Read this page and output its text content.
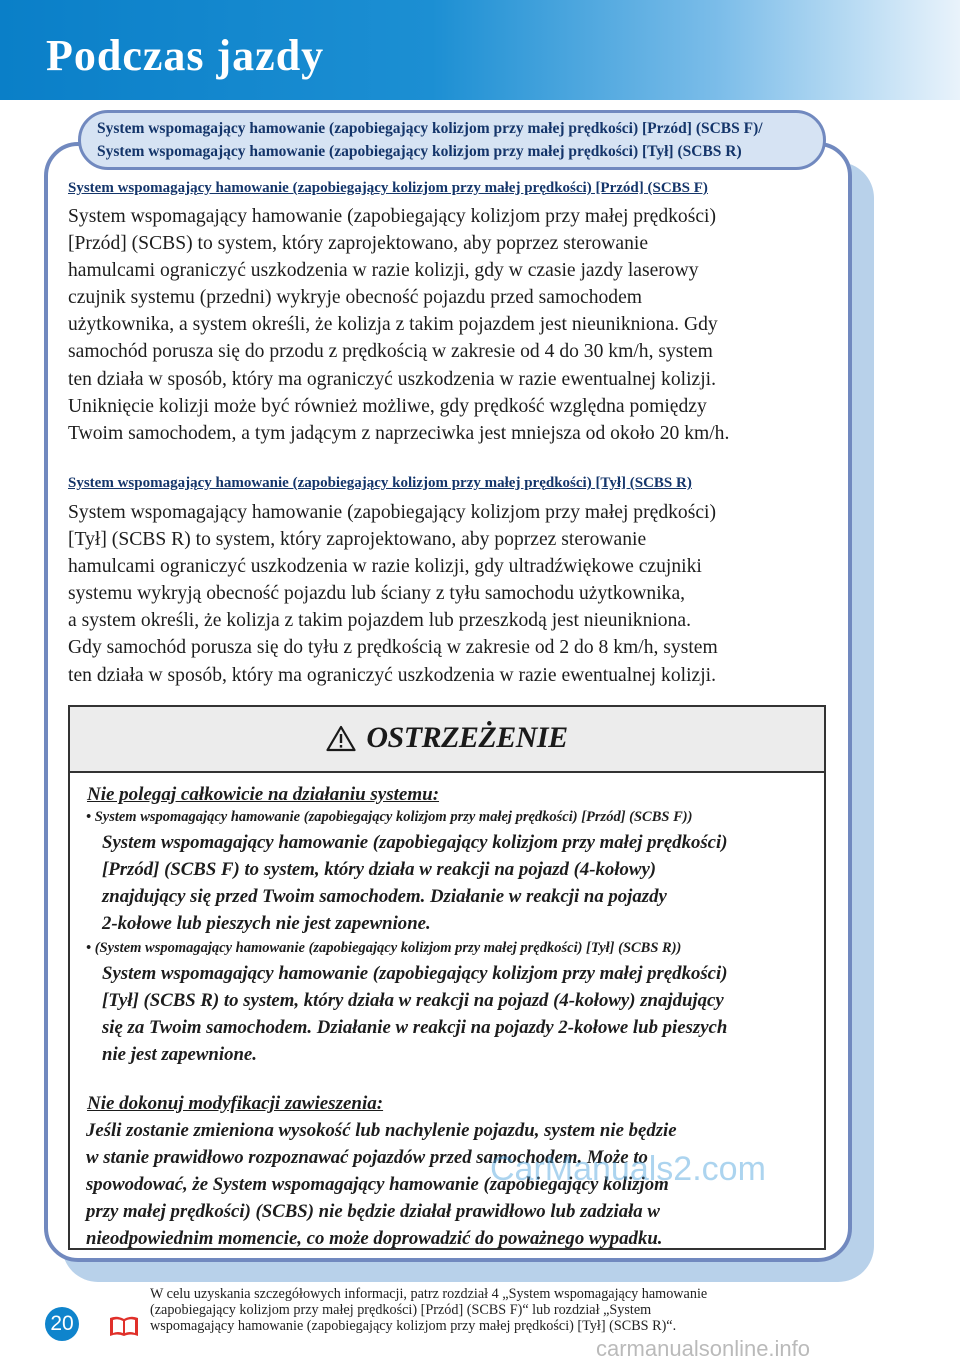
Podczas jazdy
System wspomagający hamowanie (zapobiegający kolizjom przy małej prędkości) [Przód] (SCBS F)/
System wspomagający hamowanie (zapobiegający kolizjom przy małej prędkości) [Tył] (SCBS R)
System wspomagający hamowanie (zapobiegający kolizjom przy małej prędkości) [Przód] (SCBS F)
System wspomagający hamowanie (zapobiegający kolizjom przy małej prędkości)
[Przód] (SCBS) to system, który zaprojektowano, aby poprzez sterowanie
hamulcami ograniczyć uszkodzenia w razie kolizji, gdy w czasie jazdy laserowy
czujnik systemu (przedni) wykryje obecność pojazdu przed samochodem
użytkownika, a system określi, że kolizja z takim pojazdem jest nieunikniona. Gdy
samochód porusza się do przodu z prędkością w zakresie od 4 do 30 km/h, system
ten działa w sposób, który ma ograniczyć uszkodzenia w razie ewentualnej kolizji.
Uniknięcie kolizji może być również możliwe, gdy prędkość względna pomiędzy
Twoim samochodem, a tym jadącym z naprzeciwka jest mniejsza od około 20 km/h.
System wspomagający hamowanie (zapobiegający kolizjom przy małej prędkości) [Tył] (SCBS R)
System wspomagający hamowanie (zapobiegający kolizjom przy małej prędkości)
[Tył] (SCBS R) to system, który zaprojektowano, aby poprzez sterowanie
hamulcami ograniczyć uszkodzenia w razie kolizji, gdy ultradźwiękowe czujniki
systemu wykryją obecność pojazdu lub ściany z tyłu samochodu użytkownika,
a system określi, że kolizja z takim pojazdem lub przeszkodą jest nieunikniona.
Gdy samochód porusza się do tyłu z prędkością w zakresie od 2 do 8 km/h, system
ten działa w sposób, który ma ograniczyć uszkodzenia w razie ewentualnej kolizji.
OSTRZEŻENIE
Nie polegaj całkowicie na działaniu systemu:
• System wspomagający hamowanie (zapobiegający kolizjom przy małej prędkości) [Przód] (SCBS F))
System wspomagający hamowanie (zapobiegający kolizjom przy małej prędkości)
[Przód] (SCBS F) to system, który działa w reakcji na pojazd (4-kołowy)
znajdujący się przed Twoim samochodem. Działanie w reakcji na pojazdy
2-kołowe lub pieszych nie jest zapewnione.
• (System wspomagający hamowanie (zapobiegający kolizjom przy małej prędkości) [Tył] (SCBS R))
System wspomagający hamowanie (zapobiegający kolizjom przy małej prędkości)
[Tył] (SCBS R) to system, który działa w reakcji na pojazd (4-kołowy) znajdujący
się za Twoim samochodem. Działanie w reakcji na pojazdy 2-kołowe lub pieszych
nie jest zapewnione.
Nie dokonuj modyfikacji zawieszenia:
Jeśli zostanie zmieniona wysokość lub nachylenie pojazdu, system nie będzie
w stanie prawidłowo rozpoznawać pojazdów przed samochodem. Może to
spowodować, że System wspomagający hamowanie (zapobiegający kolizjom
przy małej prędkości) (SCBS) nie będzie działał prawidłowo lub zadziała w
nieodpowiednim momencie, co może doprowadzić do poważnego wypadku.
CarManuals2.com
20
W celu uzyskania szczegółowych informacji, patrz rozdział 4 „System wspomagający hamowanie
(zapobiegający kolizjom przy małej prędkości) [Przód] (SCBS F)“ lub rozdział „System
wspomagający hamowanie (zapobiegający kolizjom przy małej prędkości) [Tył] (SCBS R)“.
carmanualsonline.info
